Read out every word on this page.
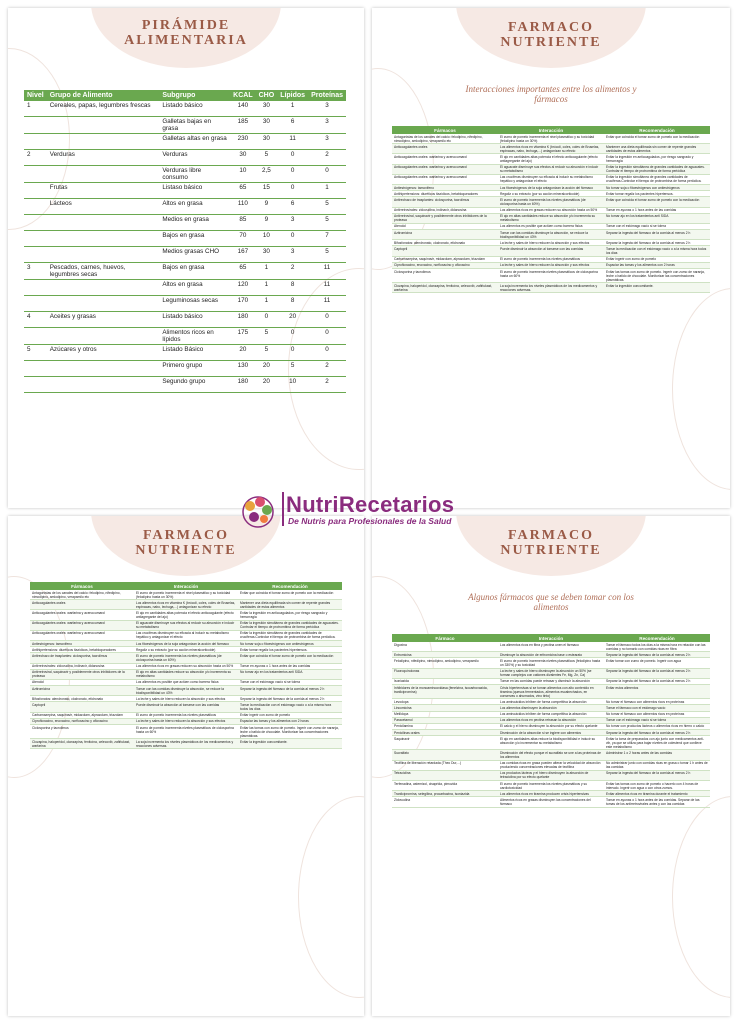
PIRÁMIDE
ALIMENTARIA
Nivel	Grupo de Alimento	Subgrupo	KCAL	CHO	Lípidos	Proteínas
1	Cereales, papas, legumbres frescas	Listado básico	140	30	1	3
		Galletas bajas en grasa	185	30	6	3
		Galletas altas en grasa	230	30	11	3
2	Verduras	Verduras	30	5	0	2
		Verduras libre consumo	10	2,5	0	0
	Frutas	Listaso básico	65	15	0	1
	Lácteos	Altos en grasa	110	9	6	5
		Medios en grasa	85	9	3	5
		Bajos en grasa	70	10	0	7
		Medios grasas CHO	167	30	3	5
3	Pescados, carnes, huevos, legumbres secas	Bajos en grasa	65	1	2	11
		Altos en grasa	120	1	8	11
		Leguminosas secas	170	1	8	11
4	Aceites y grasas	Listado básico	180	0	20	0
		Alimentos ricos en lípidos	175	5	0	0
5	Azúcares y otros	Listado Básico	20	5	0	0
		Primero grupo	130	20	5	2
		Segundo grupo	180	20	10	2
FARMACO
NUTRIENTE
Interacciones importantes entre los alimentos y fármacos
Fármacos	Interacción	Recomendación
Antagonistas de los canales del calcio: felodipino, nifedipino, nimodipino, amlodipino, verapamilo etc	El zumo de pomelo incrementa el nivel plasmático y su toxicidad (felodipino hasta un 30%)	Evitar que coincida el tomar zumo de pomelo con la medicación
Anticoagulantes orales	Los alimentos ricos en vitamina K (brócoli, coles, coles de Bruselas, espinacas, nabo, lechuga,...) antagonizan su efecto	Mantener una dieta equilibrada sin comer de repente grandes cantidades de estos alimentos
Anticoagulantes orales: warfarina y acenocumarol	El ajo en cantidades altas potencia el efecto anticoagulante (efecto antiagregante del ajo)	Evitar la ingestión en anticoagulados, por riesgo sangrado y hemorragia
Anticoagulantes orales: warfarina y acenocumarol	El aguacate disminuye sus efectos al reducir su absorción e inducir su metabolismo	Evitar la ingestión simultánea de grandes cantidades de aguacates. Controlar el tiempo de protrombina de forma periódica
Anticoagulantes orales: warfarina y acenocumarol	Las crucíferas disminuyen su eficacia al inducir su metabolismo hepático y antagonizar el efecto	Evitar la ingestión simultánea de grandes cantidades de crucíferas.Controlar el tiempo de protrombina de forma periódica.
Antiestrógenos: tamoxifeno	Los fitoestrógenos de la soja antagonizan la acción del fármaco	No tomar soja o fitoestrógenos con antiestrógenos
Antihipertensivos: diuréticos tiazídicos, betabloqueadores	Regaliz o su extracto (por su acción mineralcorticoide)	Evitar tomar regaliz los pacientes hipertensos.
Antirechazo de trasplantes: ciclosporina, tacrolimus	El zumo de pomelo incrementa los niveles plasmáticos (de ciclosporina hasta un 60%)	Evitar que coincida el tomar zumo de pomelo con la medicación
Antirretrovirales: zidovudina, indinavir, didanosina	Los alimentos ricos en grasas reducen su absorción hasta un 50%	Tomar en ayunas o 1 hora antes de las comidas
Antirretroviral, saquinavir y posiblemente otros inhibidores de la proteasa	El ajo en altas cantidades reduce su absorción y/o incrementa su metabolismo	No tomar ajo en los tratamientos anti SIDA
Atenolol	Los alimentos es posible que actúen como barrera física	Tomar con el estómago vacío si se tolera
Azitromicina	Tomar con las comidas disminuye la absorción, se reduce la biodisponibilidad un 43%	Separar la ingesta del fármaco de la comida al menos 2 h
Bifosfonatos: alendronato, clodronato, etidronato	La leche y sales de hierro reducen la absorción y sus efectos	Separar la ingesta del fármaco de la comida al menos 2 h
Captopril	Puede disminuir la absorción al tomarse con las comidas	Tomar la medicación con el estómago vacío o a la misma hora todos los días
Carbamazepina, saquinavir, midazolam, alprazolam, triazolam	El zumo de pomelo incrementa los niveles plasmáticos	Evitar ingerir con zumo de pomelo
Ciprofloxacino, enoxacino, norfloxacino y ofloxacino	La leche y sales de hierro reducen la absorción y sus efectos	Espaciar las tomas y los alimentos con 2 horas
Ciclosporina y tacrolimus	El zumo de pomelo incrementa niveles plasmáticos de ciclosporina hasta un 60%	Evitar las tomas con zumo de pomelo. Ingerir con zumo de naranja, leche o batido de chocolate. Monitorizar las concentraciones plasmáticas.
Clozapina, haloperidol, olanzapina, fenitoína, celecoxib, zafirlukast, warfarina	La soja incrementa los niveles plasmáticos de los medicamentos y reacciones adversas.	Evitar la ingestión concomitante.
FARMACO
NUTRIENTE
Fármacos	Interacción	Recomendación
Antagonistas de los canales del calcio: felodipino, nifedipino, nimodipino, amlodipino, verapamilo etc	El zumo de pomelo incrementa el nivel plasmático y su toxicidad (felodipino hasta un 30%)	Evitar que coincida el tomar zumo de pomelo con la medicación
Anticoagulantes orales	Los alimentos ricos en vitamina K (brócoli, coles, coles de Bruselas, espinacas, nabo, lechuga,...) antagonizan su efecto	Mantener una dieta equilibrada sin comer de repente grandes cantidades de estos alimentos
Anticoagulantes orales: warfarina y acenocumarol	El ajo en cantidades altas potencia el efecto anticoagulante (efecto antiagregante del ajo)	Evitar la ingestión en anticoagulados, por riesgo sangrado y hemorragia
Anticoagulantes orales: warfarina y acenocumarol	El aguacate disminuye sus efectos al reducir su absorción e inducir su metabolismo	Evitar la ingestión simultánea de grandes cantidades de aguacates. Controlar el tiempo de protrombina de forma periódica
Anticoagulantes orales: warfarina y acenocumarol	Las crucíferas disminuyen su eficacia al inducir su metabolismo hepático y antagonizar el efecto	Evitar la ingestión simultánea de grandes cantidades de crucíferas.Controlar el tiempo de protrombina de forma periódica.
Antiestrógenos: tamoxifeno	Los fitoestrógenos de la soja antagonizan la acción del fármaco	No tomar soja o fitoestrógenos con antiestrógenos
Antihipertensivos: diuréticos tiazídicos, betabloqueadores	Regaliz o su extracto (por su acción mineralcorticoide)	Evitar tomar regaliz los pacientes hipertensos.
Antirechazo de trasplantes: ciclosporina, tacrolimus	El zumo de pomelo incrementa los niveles plasmáticos (de ciclosporina hasta un 60%)	Evitar que coincida el tomar zumo de pomelo con la medicación
Antirretrovirales: zidovudina, indinavir, didanosina	Los alimentos ricos en grasas reducen su absorción hasta un 50%	Tomar en ayunas o 1 hora antes de las comidas
Antirretroviral, saquinavir y posiblemente otros inhibidores de la proteasa	El ajo en altas cantidades reduce su absorción y/o incrementa su metabolismo	No tomar ajo en los tratamientos anti SIDA
Atenolol	Los alimentos es posible que actúen como barrera física	Tomar con el estómago vacío si se tolera
Azitromicina	Tomar con las comidas disminuye la absorción, se reduce la biodisponibilidad un 43%	Separar la ingesta del fármaco de la comida al menos 2 h
Bifosfonatos: alendronato, clodronato, etidronato	La leche y sales de hierro reducen la absorción y sus efectos	Separar la ingesta del fármaco de la comida al menos 2 h
Captopril	Puede disminuir la absorción al tomarse con las comidas	Tomar la medicación con el estómago vacío o a la misma hora todos los días
Carbamazepina, saquinavir, midazolam, alprazolam, triazolam	El zumo de pomelo incrementa los niveles plasmáticos	Evitar ingerir con zumo de pomelo
Ciprofloxacino, enoxacino, norfloxacino y ofloxacino	La leche y sales de hierro reducen la absorción y sus efectos	Espaciar las tomas y los alimentos con 2 horas
Ciclosporina y tacrolimus	El zumo de pomelo incrementa niveles plasmáticos de ciclosporina hasta un 60%	Evitar las tomas con zumo de pomelo. Ingerir con zumo de naranja, leche o batido de chocolate. Monitorizar las concentraciones plasmáticas.
Clozapina, haloperidol, olanzapina, fenitoína, celecoxib, zafirlukast, warfarina	La soja incrementa los niveles plasmáticos de los medicamentos y reacciones adversas.	Evitar la ingestión concomitante.
FARMACO
NUTRIENTE
Algunos fármacos que se deben tomar con los alimentos
Fármaco	Interacción	Recomendación
Digoxina	Los alimentos ricos en fibra y pectina unen el fármaco	Tomar el fármaco todos los días a la misma hora en relación con las comidas y no tomarlo con comidas ricas en fibra
Entromicina	Disminuye la absorción de eritromicina base o estearato	Separar la ingesta del fármaco de la comida al menos 2 h
Felodipino, nifedipino, nimodipino, amlodipino, verapamilo	El zumo de pomelo incrementa niveles plasmáticos (felodipino hasta un 330%) y su toxicidad	Evitar tomar con zumo de pomelo. Ingerir con agua
Fluoroquinolonas	La leche y sales de hierro disminuyen la absorción un 50% (se forman complejos con cationes divalentes Fe, Mg, Zn, Ca)	Separar la ingesta del fármaco de la comida al menos 2 h
Isoniazida	Tomar en las comidas puede retrasar y disminuir la absorción	Separar la ingesta del fármaco de la comida al menos 2 h
Inhibidores de la monoaminooxidasa (fenelzina, isocarboxazida, tranilcipromina)	Crisis hipertensivas si se toman alimentos con alto contenido en tiramina (quesos fermentados, alimentos escabechados, en conservas o ahumados, vino tinto)	Evitar estos alimentos
Levodopa	Los aminoácidos inhiben de forma competitiva la absorción	No tomar el fármaco con alimentos ricos en proteínas
Lincomicina	Los alimentos disminuyen la absorción	Tomar el fármaco con el estómago vacío
Metildopa	Los aminoácidos inhiben de forma competitiva la absorción	No tomar el fármaco con alimentos ricos en proteínas
Paracetamol	Los alimentos ricos en pectina retrasan la absorción	Tomar con el estómago vacío si se tolera
Penicilamina	El calcio y el hierro disminuyen la absorción por su efecto quelante	No tomar con productos lácteos o alimentos ricos en hierro o calcio
Penicilinas orales	Disminución de la absorción si se ingiere con alimentos	Separar la ingesta del fármaco de la comida al menos 2 h
Saquinavir	El ajo en cantidades altas reduce la biodisponibilidad e inducir su absorción y/o incrementar su metabolismo	Evitar la toma de preparados con ajo junto con medicamentos anti-vih, ya que se utiliza para bajar niveles de colesterol que conlleve este metabolismo
Sucralfato	Disminución del efecto porque el sucralfato se une a las proteínas de los alimentos	Administrar 1 o 2 horas antes de las comidas
Teofilina de liberación retardada (Theo Dur,...)	Las comidas ricas en grasa pueden alterar la velocidad de absorción produciendo concentraciones elevadas de teofilina	No administrar junto con comidas ricas en grasa o tomar 1 h antes de las comidas
Tetraciclina	Los productos lácteos y el hierro disminuyen la absorción de tetraciclina por su efecto quelante	Separar la ingesta del fármaco de la comida al menos 2 h
Terfenadina, astemizol, cisaprida, pimozida	El zumo de pomelo incrementa los niveles plasmáticos y su cardiotoxicidad	Evitar las tomas con zumo de pomelo o hacerlo con 4 horas de intervalo. Ingerir con agua o con otros zumos.
Tranilcipromina, selegilina, procarbazina, isoniazida	Los alimentos ricos en tiramina producen crisis hipertensivas	Evitar alimentos ricos en tiramina durante el tratamiento
Zidovudina	Alimentos ricos en grasas disminuyen las concentraciones del fármaco	Tomar en ayunas o 1 hora antes de las comidas. Separar de las tomas de los antirretrovirales antes y con las comidas
NutriRecetarios
De Nutris para Profesionales de la Salud
